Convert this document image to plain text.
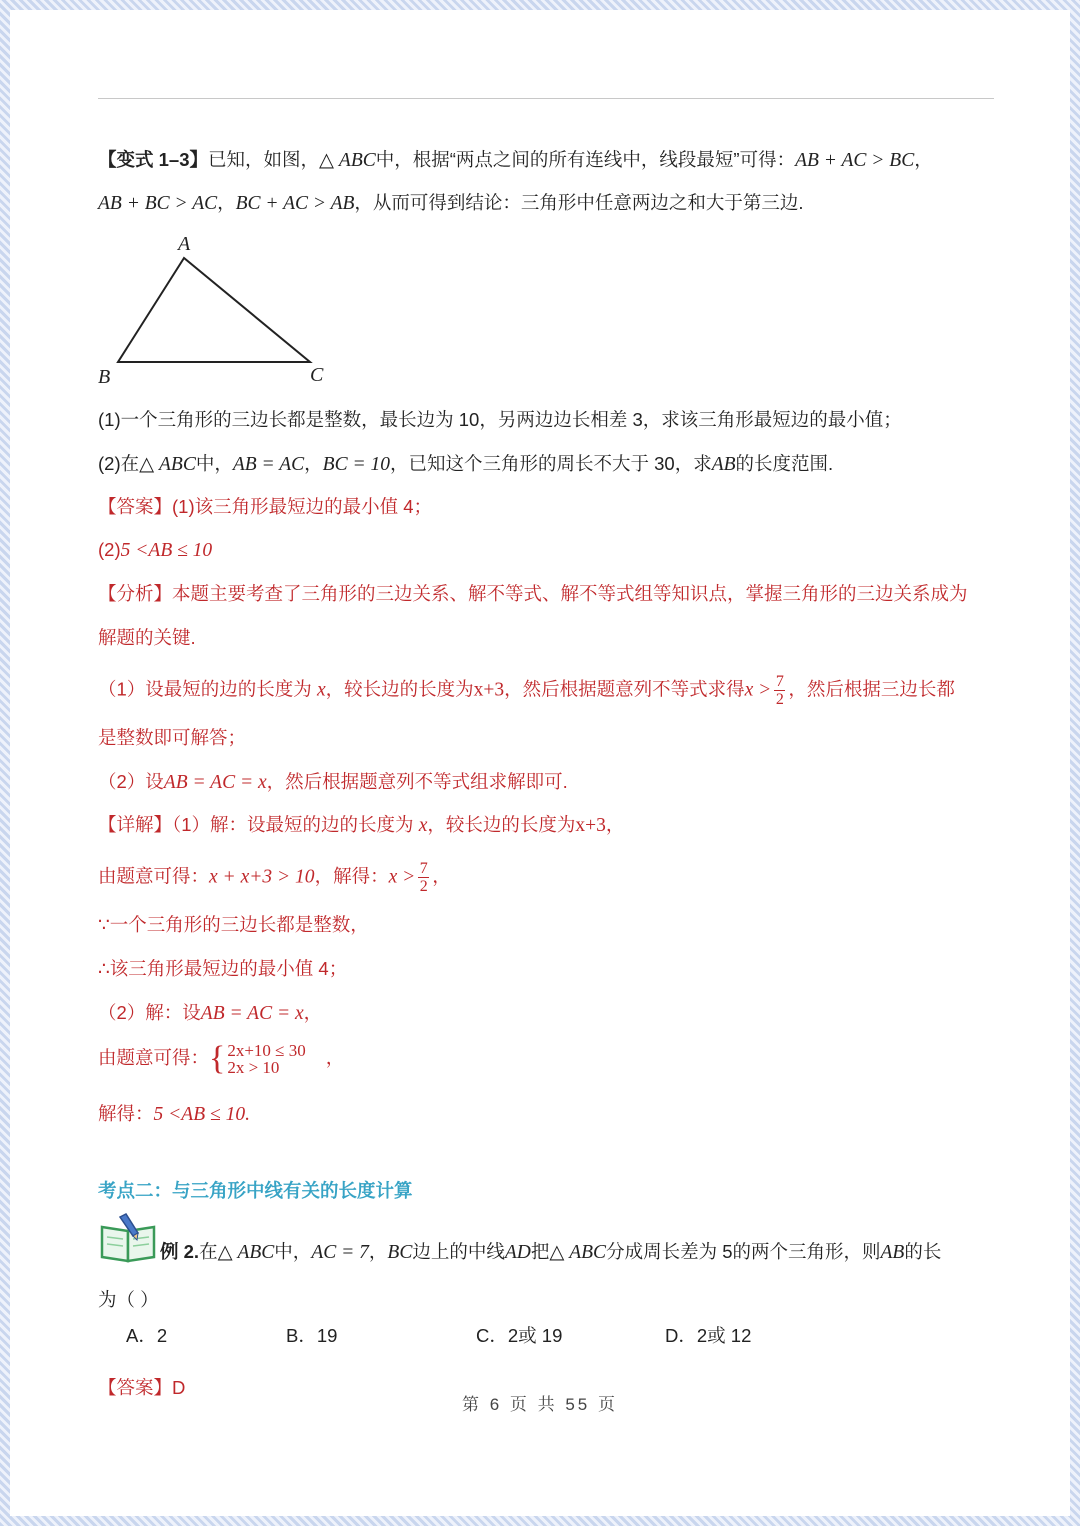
【变式 1–3】已知，如图，△ ABC中，根据“两点之间的所有连线中，线段最短”可得：AB + AC > BC，
AB + BC > AC，BC + AC > AB，从而可得到结论：三角形中任意两边之和大于第三边.
A
B	C
(1)一个三角形的三边长都是整数，最长边为 10，另两边边长相差 3，求该三角形最短边的最小值；
(2)在△ ABC中，AB = AC，BC = 10，已知这个三角形的周长不大于 30，求AB的长度范围.
【答案】(1)该三角形最短边的最小值 4；
(2)5 <AB ≤ 10
【分析】本题主要考查了三角形的三边关系、解不等式、解不等式组等知识点，掌握三角形的三边关系成为
解题的关键.
（1）设最短的边的长度为 x，较长边的长度为x+3，然后根据题意列不等式求得$x > \frac{7}{2}$ ，然后根据三边长都
是整数即可解答；
（2）设AB = AC = x，然后根据题意列不等式组求解即可.
【详解】（1）解：设最短的边的长度为 x，较长边的长度为x+3，
由题意可得：x + x+3 > 10，解得：$x > \frac{7}{2}$ ，
∵一个三角形的三边长都是整数，
∴该三角形最短边的最小值 4；
（2）解：设AB = AC = x，
由题意可得： { 2x+10 ≤ 30
2x > 10	，
解得：5 <AB ≤ 10.
考点二：与三角形中线有关的长度计算
例 2.在△ ABC中，AC = 7，BC边上的中线AD把△ ABC分成周长差为 5的两个三角形，则AB的长
为（ ）
A．2	B．19	C．2或 19	D．2或 12
【答案】D
第 6 页 共 55 页
